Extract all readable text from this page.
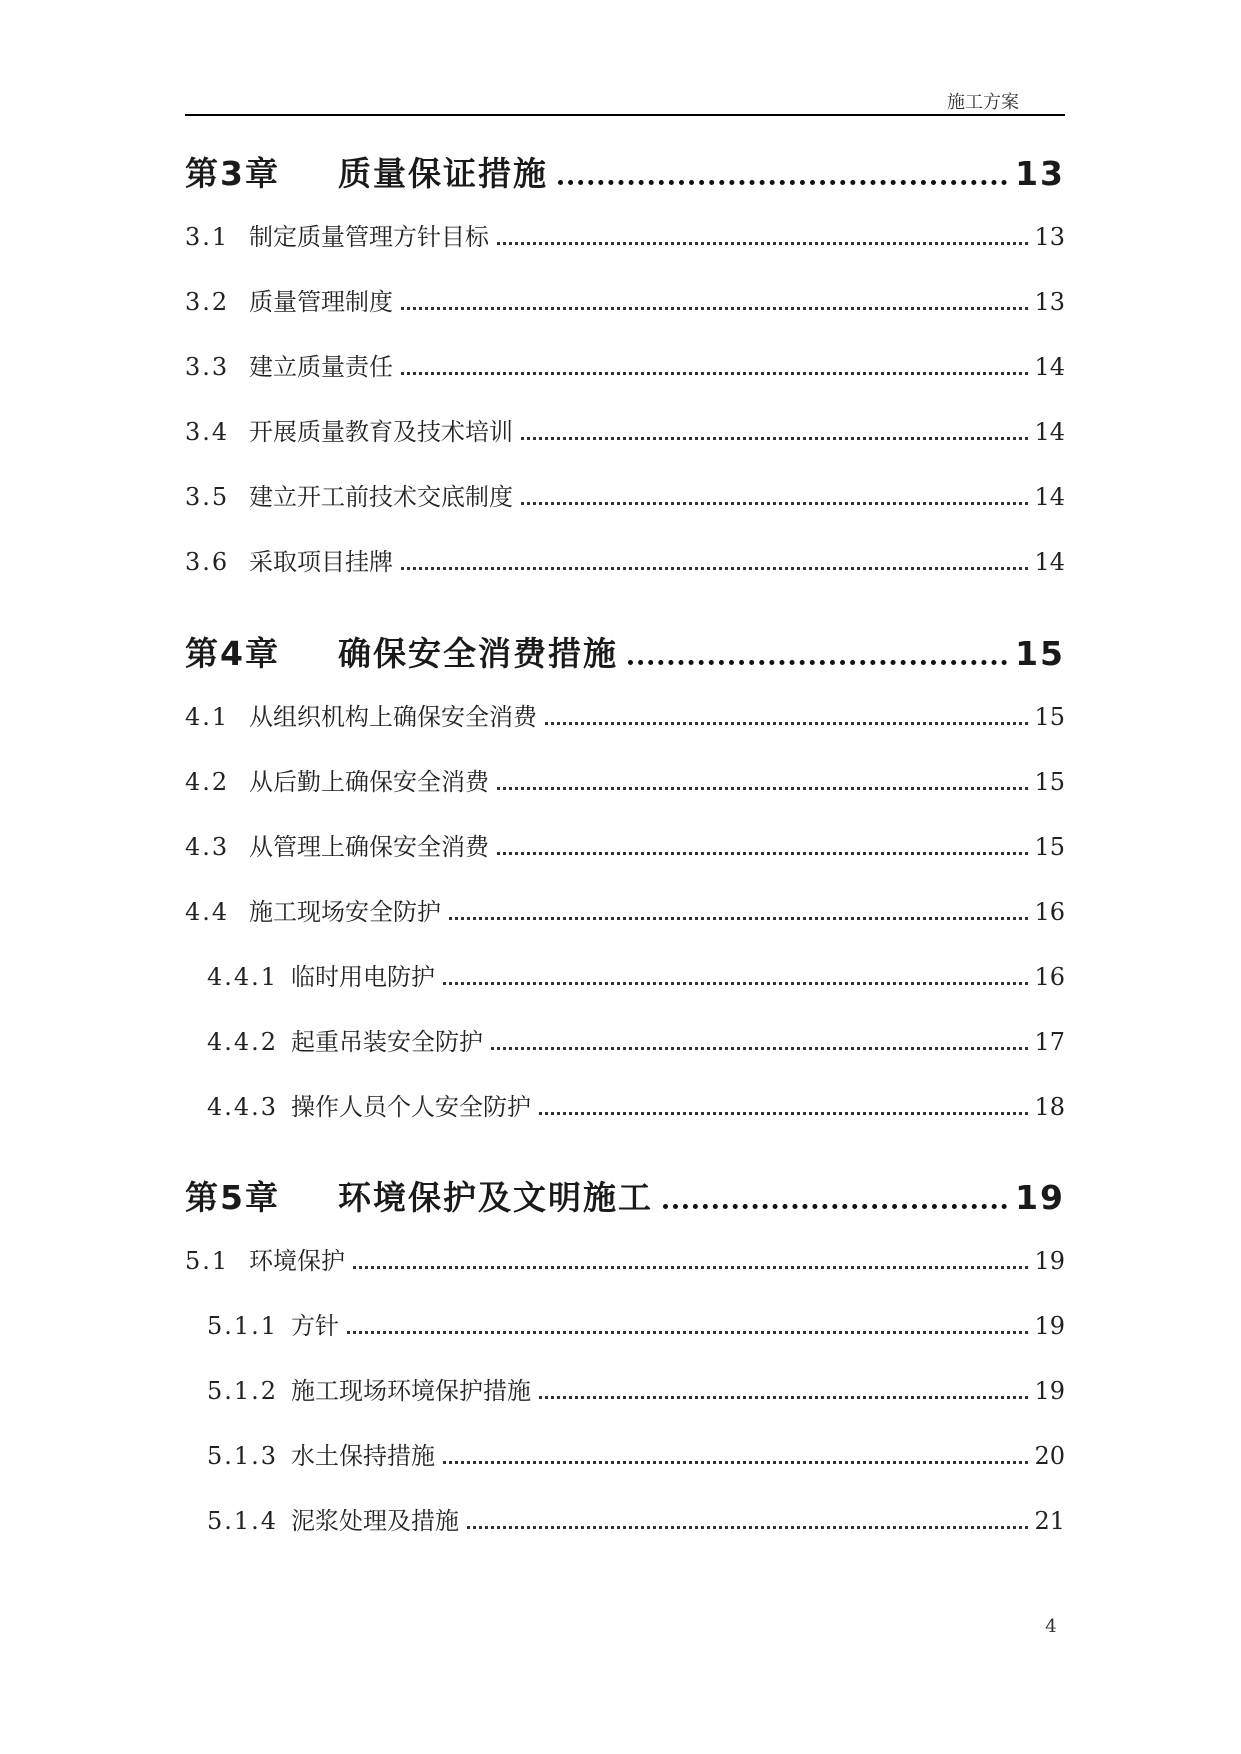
施工方案
第3章 质量保证措施	13
3.1 制定质量管理方针目标	13
3.2 质量管理制度	13
3.3 建立质量责任	14
3.4 开展质量教育及技术培训	14
3.5 建立开工前技术交底制度	14
3.6 采取项目挂牌	14
第4章 确保安全消费措施	15
4.1 从组织机构上确保安全消费	15
4.2 从后勤上确保安全消费	15
4.3 从管理上确保安全消费	15
4.4 施工现场安全防护	16
4.4.1 临时用电防护	16
4.4.2 起重吊装安全防护	17
4.4.3 操作人员个人安全防护	18
第5章 环境保护及文明施工	19
5.1 环境保护	19
5.1.1 方针	19
5.1.2 施工现场环境保护措施	19
5.1.3 水土保持措施	20
5.1.4 泥浆处理及措施	21
4
